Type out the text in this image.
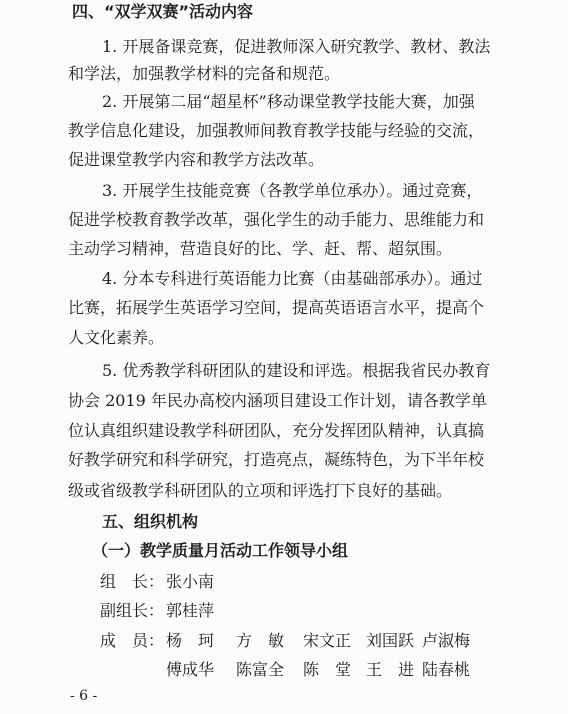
四、“双学双赛”活动内容
1. 开展备课竞赛，促进教师深入研究教学、教材、教法
和学法，加强教学材料的完备和规范。
2. 开展第二届“超星杯”移动课堂教学技能大赛，加强
教学信息化建设，加强教师间教育教学技能与经验的交流，
促进课堂教学内容和教学方法改革。
3. 开展学生技能竞赛（各教学单位承办）。通过竞赛，
促进学校教育教学改革，强化学生的动手能力、思维能力和
主动学习精神，营造良好的比、学、赶、帮、超氛围。
4. 分本专科进行英语能力比赛（由基础部承办）。通过
比赛，拓展学生英语学习空间，提高英语语言水平，提高个
人文化素养。
5. 优秀教学科研团队的建设和评选。根据我省民办教育
协会 2019 年民办高校内涵项目建设工作计划，请各教学单
位认真组织建设教学科研团队，充分发挥团队精神，认真搞
好教学研究和科学研究，打造亮点，凝练特色，为下半年校
级或省级教学科研团队的立项和评选打下良好的基础。
五、组织机构
（一）教学质量月活动工作领导小组
组　长： 张小南
副组长： 郭桂萍
成　员： 杨　珂 方　敏 宋文正 刘国跃 卢淑梅
傅成华 陈富全 陈　堂 王　进 陆春桃
- 6 -
